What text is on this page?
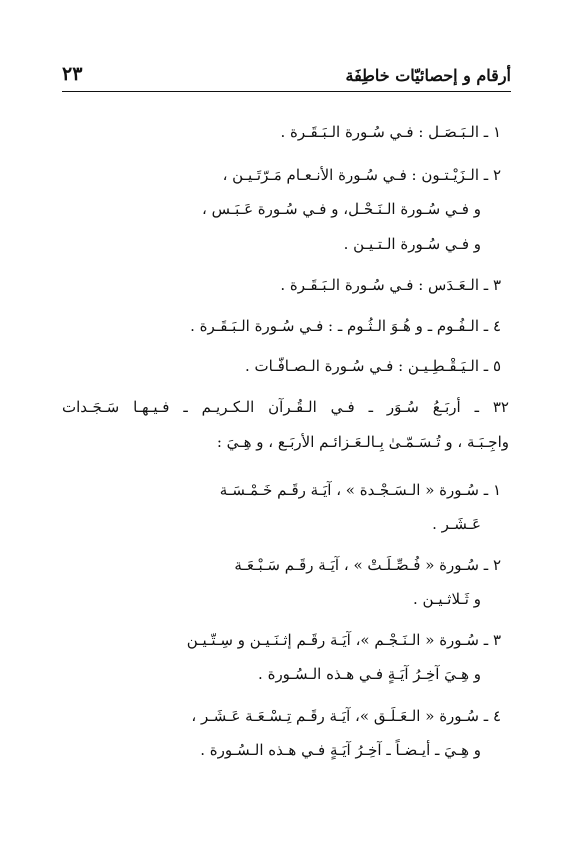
أرقام و إحصائيّات خاطِفَة
٢٣
١ ـ الـبَـصَـل : فـي سُـورة الـبَـقَـرة .
٢ ـ الـزَيْـتـون : فـي سُـورة الأنـعـام مَـرّتَـيـن ،
و فـي سُـورة الـنَـحْـل، و فـي سُـورة عَـبَـس ،
و فـي سُـورة الـتـيـن .
٣ ـ الـعَـدَس : فـي سُـورة الـبَـقَـرة .
٤ ـ الـفُـوم ـ و هُـوَ الـثُـوم ـ : فـي سُـورة الـبَـقَـرة .
٥ ـ الـيَـقْـطِـيـن : فـي سُـورة الـصـافّـات .
٣٢ ـ أربَـعُ سُـوَر ـ فـي الـقُـرآن الـكـريـم ـ فـيـهـا سَـجَـدات
واجِـبَـة ، و تُـسَـمّـىٰ بِـالـعَـزائـم الأربَـع ، و هِـيَ :
١ ـ سُـورة « الـسَـجْـدة » ، آيَـة رقَـم خَـمْـسَـة
عَـشَـر .
٢ ـ سُـورة « فُـصِّـلَـتْ » ، آيَـة رقَـم سَـبْـعَـة
و ثَـلاثـيـن .
٣ ـ سُـورة « الـنَـجْـم »، آيَـة رقَـم إثـنَـيـن و سِـتّـيـن
و هِـيَ آخِـرُ آيَـةٍ فـي هـذه الـسُـورة .
٤ ـ سُـورة « الـعَـلَـق »، آيَـة رقَـم تِـسْـعَـة عَـشَـر ،
و هِـيَ ـ أيـضـاً ـ آخِـرُ آيَـةٍ فـي هـذه الـسُـورة .
